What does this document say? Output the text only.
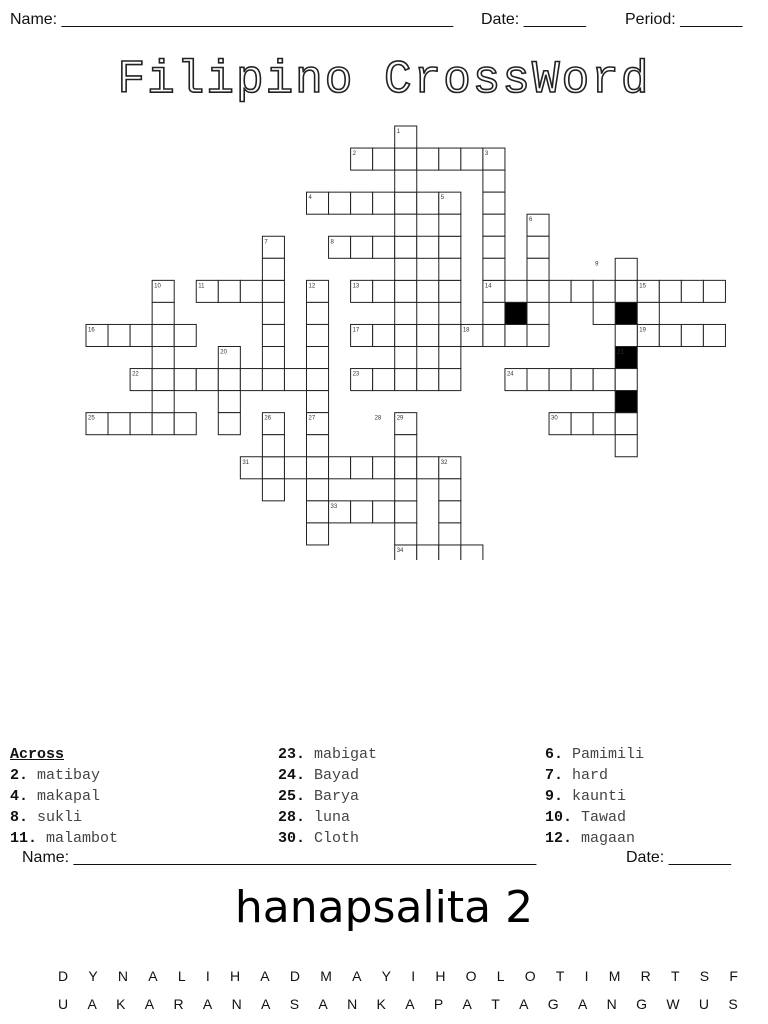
Name: ____________________________________________ Date: _______ Period: _______
Filipino CrossWord
1
2	3
4	5
6
7	8
9
10	11	12	13	14	15
16	17	18	19
20	21
22	23	24
25	26	27	28	29	30
31	32
33
34
Across
2. matibay
4. makapal
8. sukli
11. malambot
23. mabigat
24. Bayad
25. Barya
28. luna
30. Cloth
6. Pamimili
7. hard
9. kaunti
10. Tawad
12. magaan
Name: ____________________________________________________	Date: _______
hanapsalita 2
D Y N A L I H A D M A Y I H O L O T I M R T S F
U A K A R A N A S A N K A P A T A G A N G W U S
